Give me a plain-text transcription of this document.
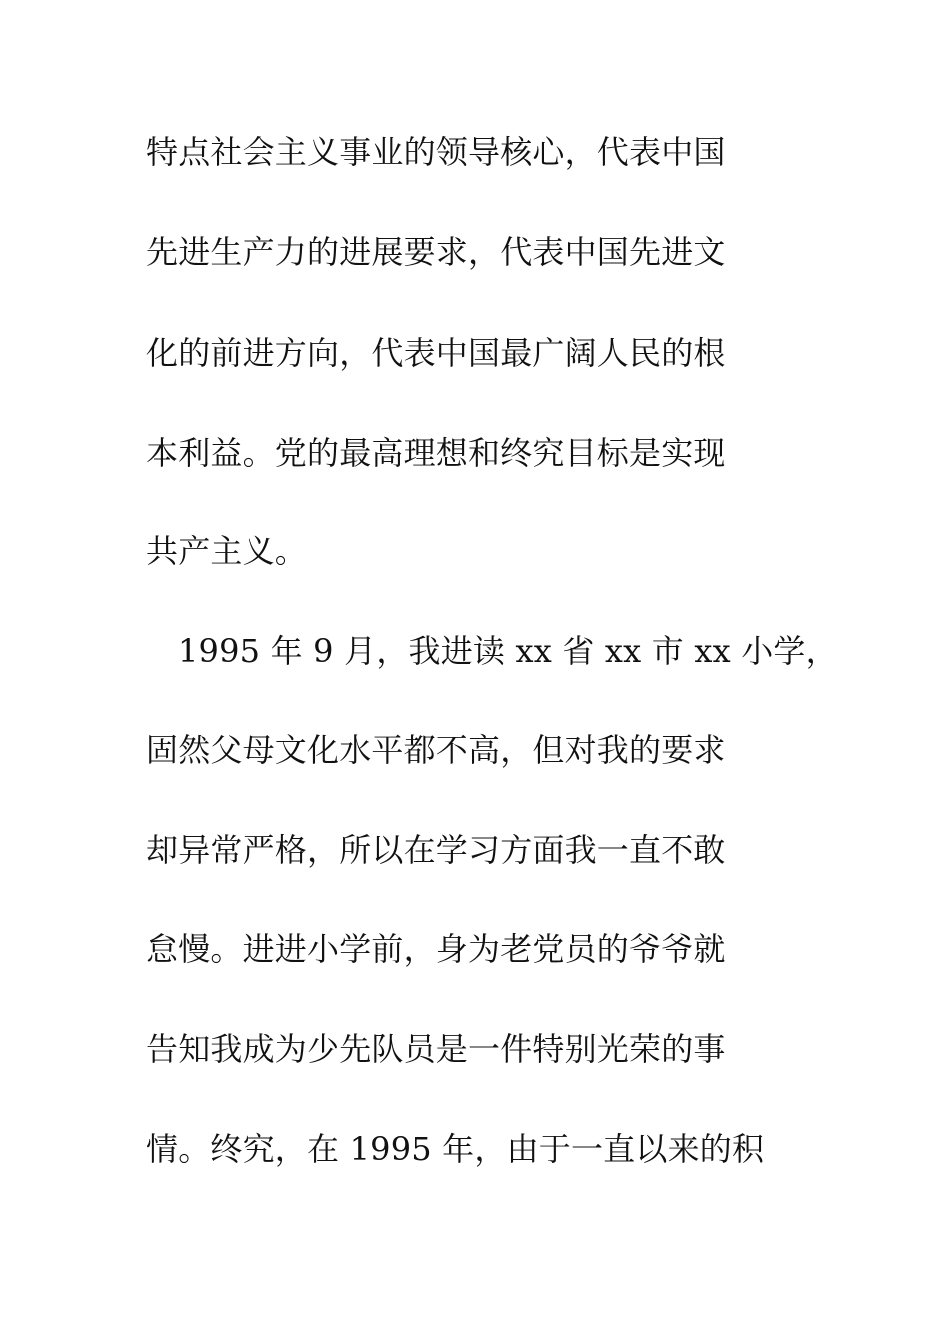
特点社会主义事业的领导核心，代表中国

先进生产力的进展要求，代表中国先进文

化的前进方向，代表中国最广阔人民的根

本利益。党的最高理想和终究目标是实现

共产主义。

1995 年 9 月，我进读 xx 省 xx 市 xx 小学，

固然父母文化水平都不高，但对我的要求

却异常严格，所以在学习方面我一直不敢

怠慢。进进小学前，身为老党员的爷爷就

告知我成为少先队员是一件特别光荣的事

情。终究，在 1995 年，由于一直以来的积
